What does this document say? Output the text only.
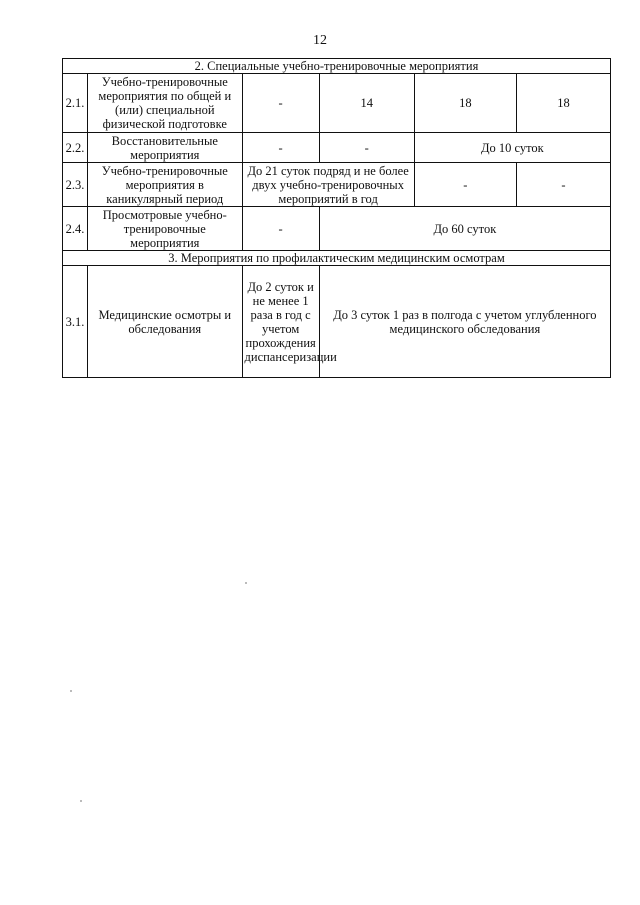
12
2. Специальные учебно-тренировочные мероприятия					
2.1.	Учебно-тренировочные мероприятия по общей и (или) специальной физической подготовке	-	14	18	18
2.2.	Восстановительные мероприятия	-	-	До 10 суток	
2.3.	Учебно-тренировочные мероприятия в каникулярный период	До 21 суток подряд и не более двух учебно-тренировочных мероприятий в год		-	-
2.4.	Просмотровые учебно-тренировочные мероприятия	-	До 60 суток		
3. Мероприятия по профилактическим медицинским осмотрам					
3.1.	Медицинские осмотры и обследования	До 2 суток и не менее 1 раза в год с учетом прохождения диспансеризации	До 3 суток 1 раз в полгода с учетом углубленного медицинского обследования		
